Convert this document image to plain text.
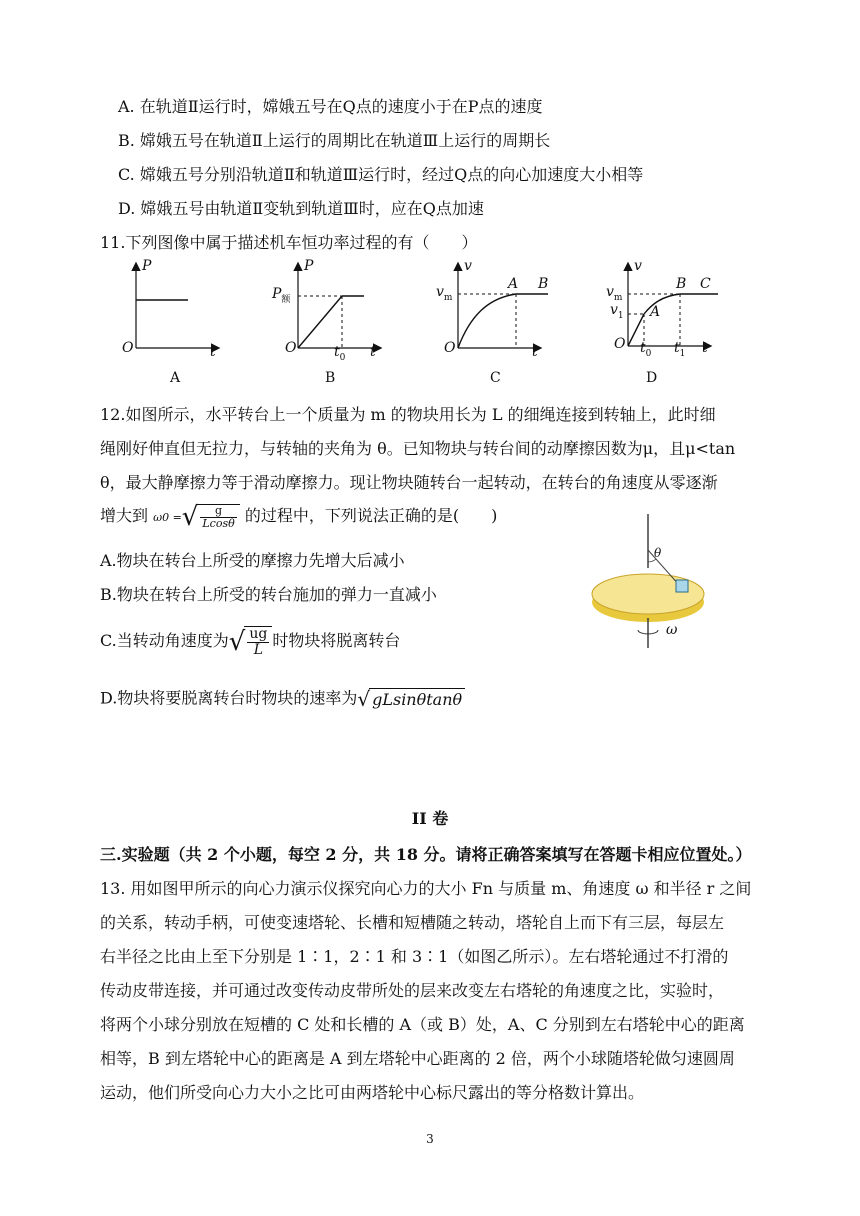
A. 在轨道Ⅱ运行时，嫦娥五号在Q点的速度小于在P点的速度
B. 嫦娥五号在轨道Ⅱ上运行的周期比在轨道Ⅲ上运行的周期长
C. 嫦娥五号分别沿轨道Ⅱ和轨道Ⅲ运行时，经过Q点的向心加速度大小相等
D. 嫦娥五号由轨道Ⅱ变轨到轨道Ⅲ时，应在Q点加速
11.下列图像中属于描述机车恒功率过程的有（　　）
P
t
O
A
P
t
O
$P_额$
$t_0$
B
v
t
O
$v_m$
A B
C
v
t
O
$v_m$
$v_1$
$t_0$ $t_1$
A
B C
D
12.如图所示，水平转台上一个质量为 m 的物块用长为 L 的细绳连接到转轴上，此时细
绳刚好伸直但无拉力，与转轴的夹角为 θ。已知物块与转台间的动摩擦因数为μ，且μ<tan
θ，最大静摩擦力等于滑动摩擦力。现让物块随转台一起转动，在转台的角速度从零逐渐
增大到 ω0 =√ $\frac{g}{Lcos\theta}$ 的过程中，下列说法正确的是(　　)
A.物块在转台上所受的摩擦力先增大后减小
B.物块在转台上所受的转台施加的弹力一直减小
C.当转动角速度为√ $\frac{ug}{L}$ 时物块将脱离转台
D.物块将要脱离转台时物块的速率为√ gLsinθtanθ
θ
ω
II 卷
三.实验题（共 2 个小题，每空 2 分，共 18 分。请将正确答案填写在答题卡相应位置处。）
13. 用如图甲所示的向心力演示仪探究向心力的大小 Fn 与质量 m、角速度 ω 和半径 r 之间
的关系，转动手柄，可使变速塔轮、长槽和短槽随之转动，塔轮自上而下有三层，每层左
右半径之比由上至下分别是 1∶1，2∶1 和 3∶1（如图乙所示）。左右塔轮通过不打滑的
传动皮带连接，并可通过改变传动皮带所处的层来改变左右塔轮的角速度之比，实验时，
将两个小球分别放在短槽的 C 处和长槽的 A（或 B）处，A、C 分别到左右塔轮中心的距离
相等，B 到左塔轮中心的距离是 A 到左塔轮中心距离的 2 倍，两个小球随塔轮做匀速圆周
运动，他们所受向心力大小之比可由两塔轮中心标尺露出的等分格数计算出。
3
